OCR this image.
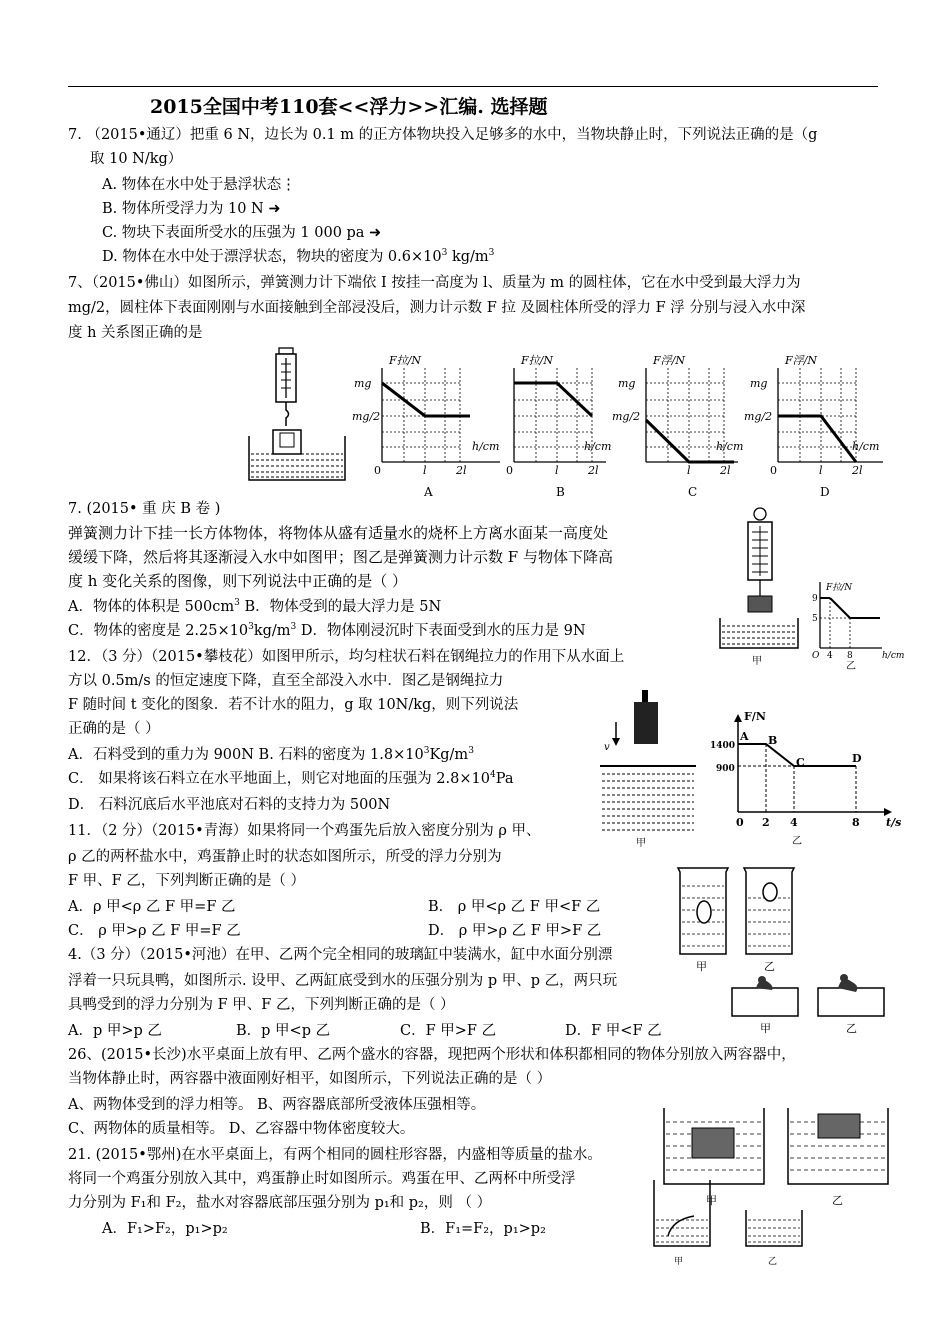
2015全国中考110套<<浮力>>汇编. 选择题
7. （2015•通辽）把重 6 N，边长为 0.1 m 的正方体物块投入足够多的水中，当物块静止时，下列说法正确的是（g
取 10 N/kg）
A. 物体在水中处于悬浮状态⋮
B. 物体所受浮力为 10 N ➜
C. 物块下表面所受水的压强为 1 000 pa ➜
D. 物体在水中处于漂浮状态，物块的密度为 $0.6\times 10^3$ $kg/m^3$
7、（2015•佛山）如图所示，弹簧测力计下端依 I 按挂一高度为 l、质量为 m 的圆柱体，它在水中受到最大浮力为
mg/2，圆柱体下表面刚刚与水面接触到全部浸没后，测力计示数 F 拉 及圆柱体所受的浮力 F 浮 分别与浸入水中深
度 h 关系图正确的是
F拉/N
mg
mg/2
h/cm
0	l	2l
A
F拉/N
h/cm
0	l	2l
B
F浮/N
mg
mg/2
h/cm
l	2l
C
F浮/N
mg
mg/2
h/cm
0	l	2l
D
7. (2015• 重 庆 B 卷 )
弹簧测力计下挂一长方体物体，将物体从盛有适量水的烧杯上方离水面某一高度处
缓缓下降，然后将其逐渐浸入水中如图甲；图乙是弹簧测力计示数 F 与物体下降高
度 h 变化关系的图像，则下列说法中正确的是（ ）
A．物体的体积是 $500cm^3$ B．物体受到的最大浮力是 5N
C．物体的密度是 $2.25\times 10^3kg/m^3$ D．物体刚浸沉时下表面受到水的压力是 9N
甲
F拉/N
9
5
O 4 8	h/cm
乙
12．（3 分）（2015•攀枝花）如图甲所示，均匀柱状石料在钢绳拉力的作用下从水面上
方以 0.5m/s 的恒定速度下降，直至全部没入水中．图乙是钢绳拉力
F 随时间 t 变化的图象．若不计水的阻力，g 取 10N/kg，则下列说法
正确的是（ ）
A．石料受到的重力为 900N B. 石料的密度为 $1.8\times 10^3Kg/m^3$
C． 如果将该石料立在水平地面上，则它对地面的压强为 $2.8\times 10^4Pa$
D． 石料沉底后水平池底对石料的支持力为 500N
v
甲
F/N
1400
900
A B
C	D
0 2 4	8 t/s
乙
11．（2 分）（2015•青海）如果将同一个鸡蛋先后放入密度分别为 ρ 甲、
ρ 乙的两杯盐水中，鸡蛋静止时的状态如图所示，所受的浮力分别为
F 甲、F 乙，下列判断正确的是（ ）
A．ρ 甲<ρ 乙 F 甲=F 乙	B． ρ 甲<ρ 乙 F 甲<F 乙
C． ρ 甲>ρ 乙 F 甲=F 乙	D． ρ 甲>ρ 乙 F 甲>F 乙
甲	乙
4.（3 分）（2015•河池）在甲、乙两个完全相同的玻璃缸中装满水，缸中水面分别漂
浮着一只玩具鸭，如图所示. 设甲、乙两缸底受到水的压强分别为 p 甲、p 乙，两只玩
具鸭受到的浮力分别为 F 甲、F 乙，下列判断正确的是（ ）
A．p 甲>p 乙	B．p 甲<p 乙	C．F 甲>F 乙	D．F 甲<F 乙	甲	乙
26、(2015•长沙)水平桌面上放有甲、乙两个盛水的容器，现把两个形状和体积都相同的物体分别放入两容器中，
当物体静止时，两容器中液面刚好相平，如图所示，下列说法正确的是（ ）
A、两物体受到的浮力相等。 B、两容器底部所受液体压强相等。
C、两物体的质量相等。 D、乙容器中物体密度较大。
甲	乙
21. (2015•鄂州)在水平桌面上，有两个相同的圆柱形容器，内盛相等质量的盐水。
将同一个鸡蛋分别放入其中，鸡蛋静止时如图所示。鸡蛋在甲、乙两杯中所受浮
力分别为 F₁和 F₂，盐水对容器底部压强分别为 p₁和 p₂，则 （ ）
A．F₁>F₂，p₁>p₂	B．F₁=F₂，p₁>p₂
甲	乙
